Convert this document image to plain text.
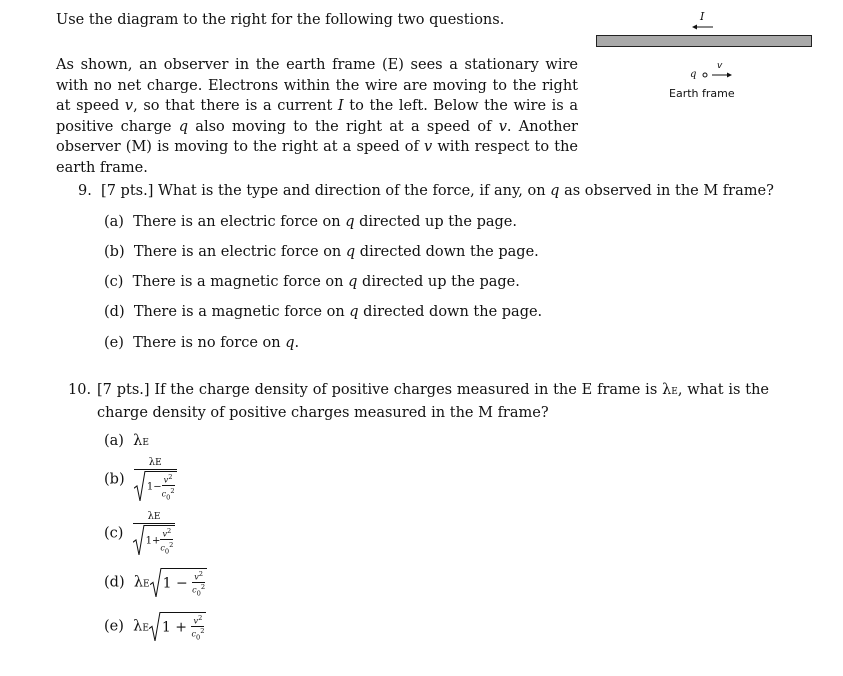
Use the diagram to the right for the following two questions.
As shown, an observer in the earth frame (E) sees a stationary wire with no net charge. Electrons within the wire are moving to the right at speed v, so that there is a current I to the left. Below the wire is a positive charge q also moving to the right at a speed of v. Another observer (M) is moving to the right at a speed of v with respect to the earth frame.
I
q
v
Earth frame
9.  [7 pts.] What is the type and direction of the force, if any, on q as observed in the M frame?
(a)  There is an electric force on q directed up the page.
(b)  There is an electric force on q directed down the page.
(c)  There is a magnetic force on q directed up the page.
(d)  There is a magnetic force on q directed down the page.
(e)  There is no force on q.
10. [7 pts.] If the charge density of positive charges measured in the E frame is λE, what is the charge density of positive charges measured in the M frame?
(a)  λE
$(b) \frac{\lambda E}{1- \frac{v^2}{c_0^2}}$
$(c) \frac{\lambda E}{1+ \frac{v^2}{c_0^2}}$
(d)  λE $1 - \frac{v^2}{c_0^2}$
(e)  λE $1 + \frac{v^2}{c_0^2}$
